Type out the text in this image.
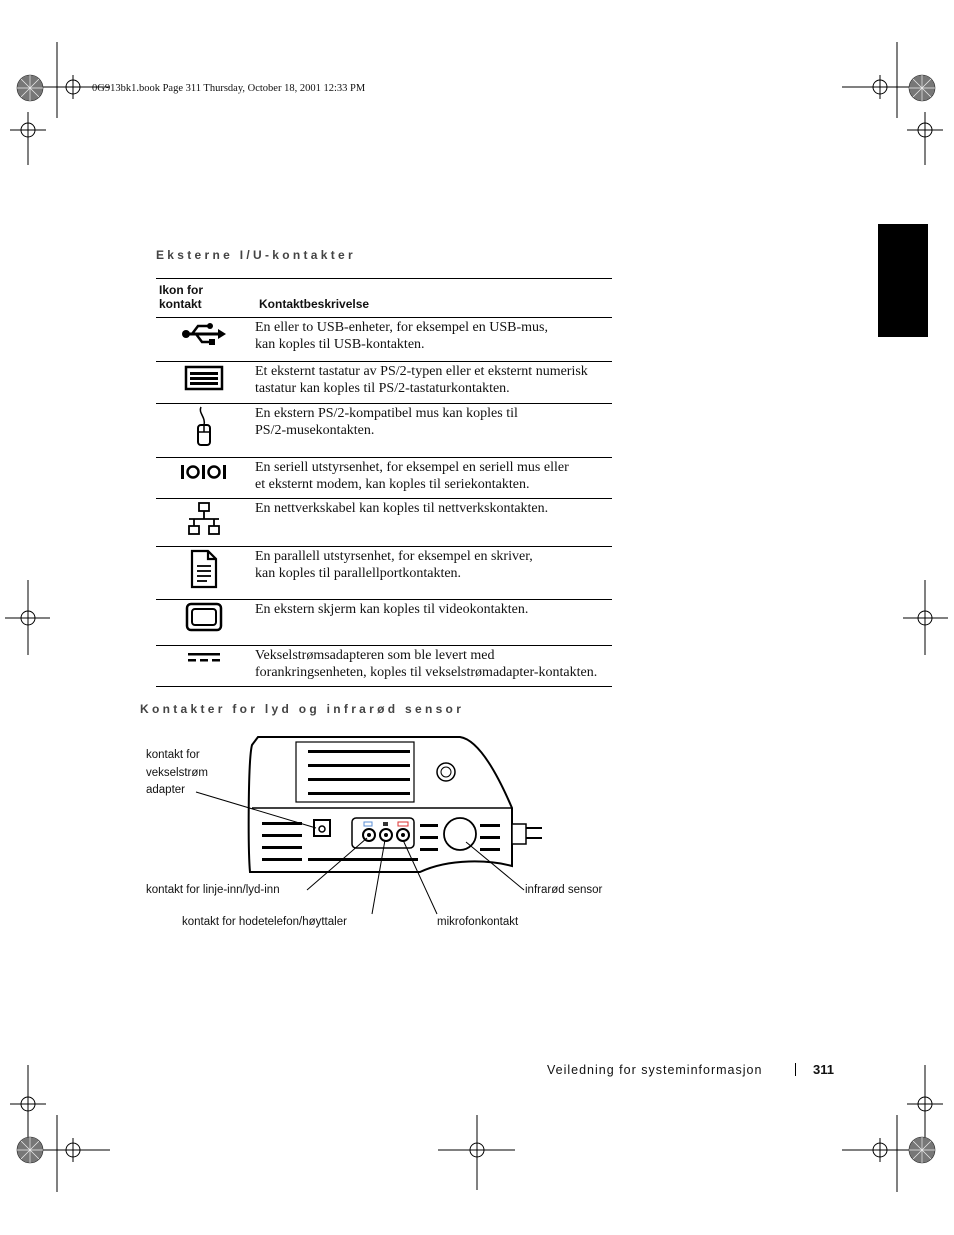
0G913bk1.book Page 311 Thursday, October 18, 2001 12:33 PM
Eksterne I/U-kontakter
Ikon for
kontakt	Kontaktbeskrivelse
	En eller to USB-enheter, for eksempel en USB-mus,
kan koples til USB-kontakten.
	Et eksternt tastatur av PS/2-typen eller et eksternt numerisk
tastatur kan koples til PS/2-tastaturkontakten.
	En ekstern PS/2-kompatibel mus kan koples til
PS/2-musekontakten.
	En seriell utstyrsenhet, for eksempel en seriell mus eller
et eksternt modem, kan koples til seriekontakten.
	En nettverkskabel kan koples til nettverkskontakten.
	En parallell utstyrsenhet, for eksempel en skriver,
kan koples til parallellportkontakten.
	En ekstern skjerm kan koples til videokontakten.
	Vekselstrømsadapteren som ble levert med
forankringsenheten, koples til vekselstrømadapter-kontakten.
Kontakter for lyd og infrarød sensor
kontakt for
vekselstrøm
adapter
kontakt for linje-inn/lyd-inn
kontakt for hodetelefon/høyttaler	mikrofonkontakt
infrarød sensor
Veiledning for systeminformasjon	311
